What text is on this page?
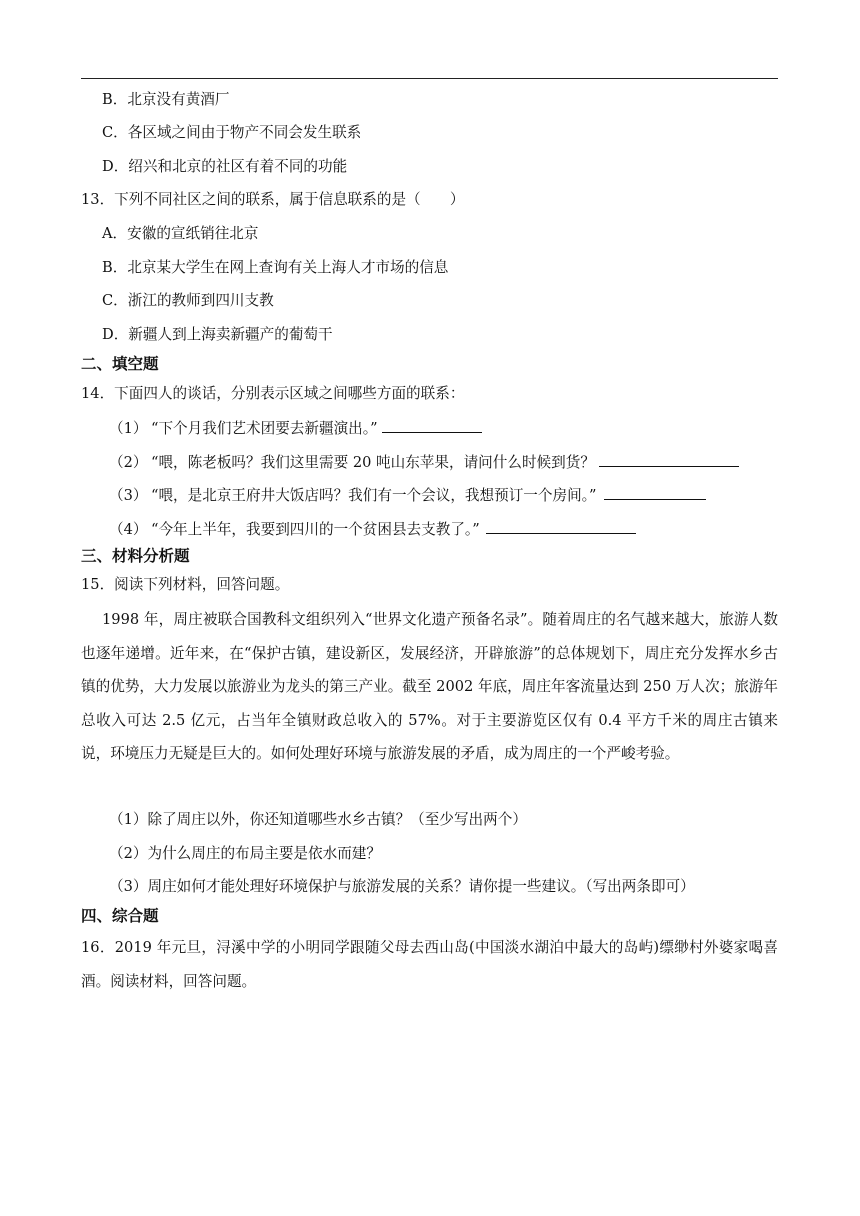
B．北京没有黄酒厂
C．各区域之间由于物产不同会发生联系
D．绍兴和北京的社区有着不同的功能
13．下列不同社区之间的联系，属于信息联系的是（　　）
A．安徽的宣纸销往北京
B．北京某大学生在网上查询有关上海人才市场的信息
C．浙江的教师到四川支教
D．新疆人到上海卖新疆产的葡萄干
二、填空题
14．下面四人的谈话，分别表示区域之间哪些方面的联系：
（1） “下个月我们艺术团要去新疆演出。”
（2） “喂，陈老板吗？我们这里需要 20 吨山东苹果，请问什么时候到货？
（3） “喂，是北京王府井大饭店吗？我们有一个会议，我想预订一个房间。”
（4） “今年上半年，我要到四川的一个贫困县去支教了。”
三、材料分析题
15．阅读下列材料，回答问题。
1998 年，周庄被联合国教科文组织列入“世界文化遗产预备名录”。随着周庄的名气越来越大，旅游人数也逐年递增。近年来，在“保护古镇，建设新区，发展经济，开辟旅游”的总体规划下，周庄充分发挥水乡古镇的优势，大力发展以旅游业为龙头的第三产业。截至 2002 年底，周庄年客流量达到 250 万人次；旅游年总收入可达 2.5 亿元，占当年全镇财政总收入的 57%。对于主要游览区仅有 0.4 平方千米的周庄古镇来说，环境压力无疑是巨大的。如何处理好环境与旅游发展的矛盾，成为周庄的一个严峻考验。
（1）除了周庄以外，你还知道哪些水乡古镇？（至少写出两个）
（2）为什么周庄的布局主要是依水而建？
（3）周庄如何才能处理好环境保护与旅游发展的关系？请你提一些建议。（写出两条即可）
四、综合题
16．2019 年元旦，浔溪中学的小明同学跟随父母去西山岛(中国淡水湖泊中最大的岛屿)缥缈村外婆家喝喜酒。阅读材料，回答问题。
